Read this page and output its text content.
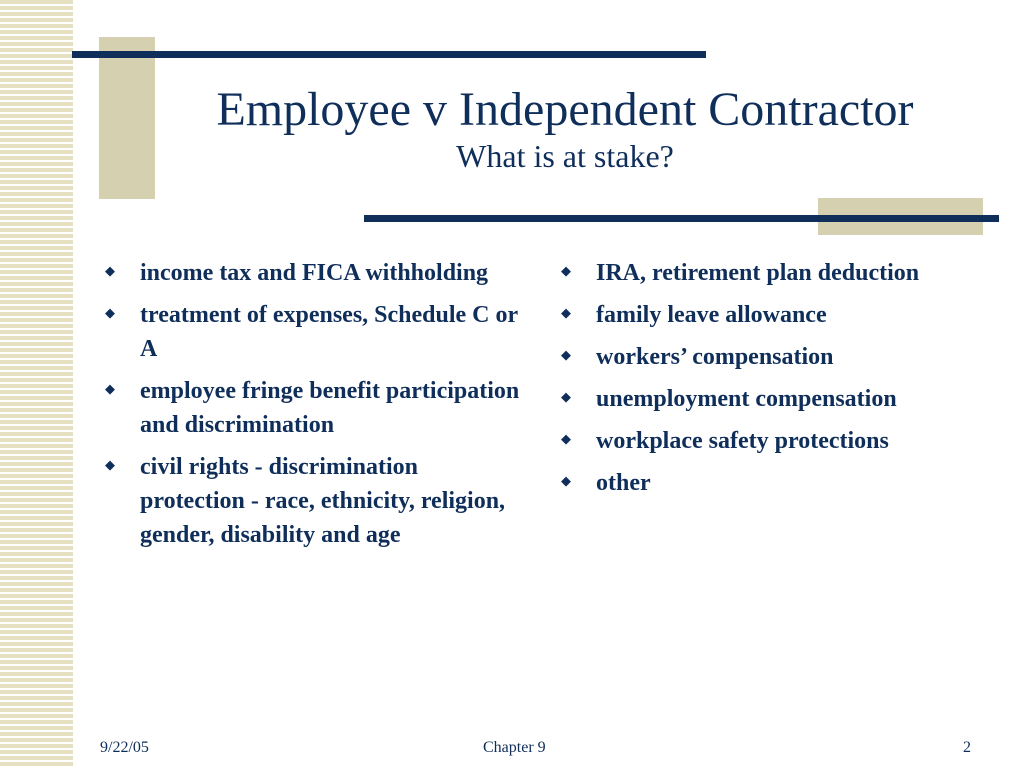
Employee v Independent Contractor
What is at stake?
◆ income tax and FICA withholding
◆ treatment of expenses, Schedule C or A
◆ employee fringe benefit participation and discrimination
◆ civil rights - discrimination protection - race, ethnicity, religion, gender, disability and age
◆ IRA, retirement plan deduction
◆ family leave allowance
◆ workers’ compensation
◆ unemployment compensation
◆ workplace safety protections
◆ other
9/22/05	Chapter 9	2
